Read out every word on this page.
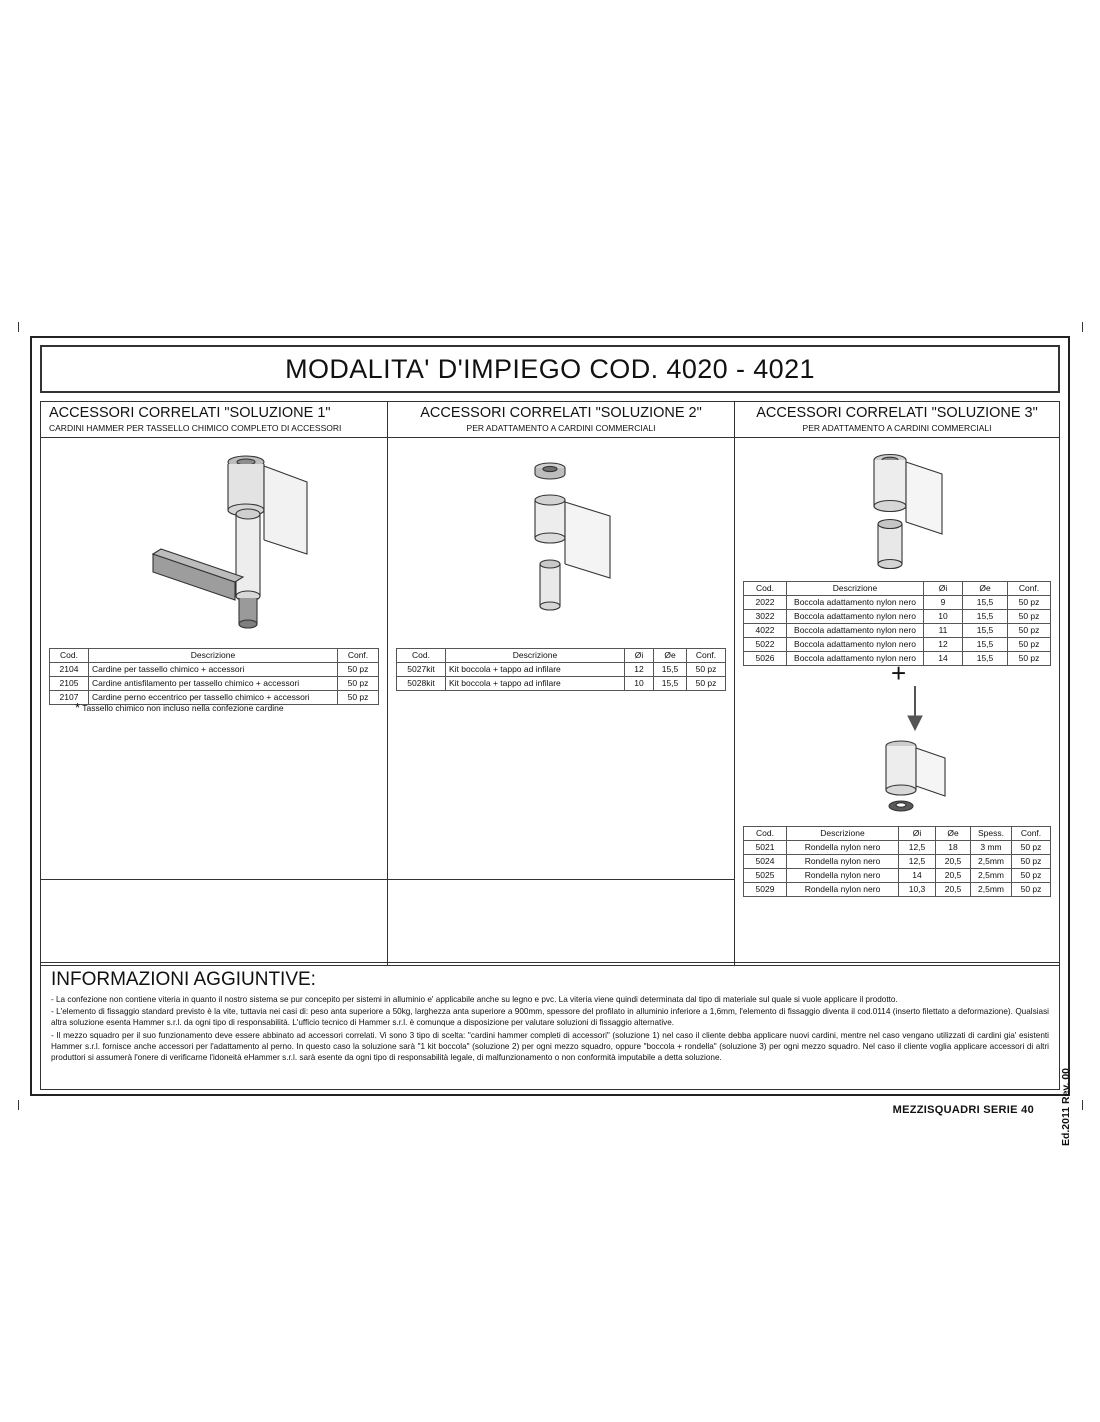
MODALITA' D'IMPIEGO COD. 4020 - 4021
ACCESSORI CORRELATI "SOLUZIONE 1"
CARDINI HAMMER PER TASSELLO CHIMICO COMPLETO DI ACCESSORI
Cod.	Descrizione	Conf.
2104	Cardine per tassello chimico + accessori	50 pz
2105	Cardine antisfilamento per tassello chimico + accessori	50 pz
2107	Cardine perno eccentrico per tassello chimico + accessori	50 pz
* Tassello chimico non incluso nella confezione cardine
ACCESSORI CORRELATI "SOLUZIONE 2"
PER ADATTAMENTO A CARDINI COMMERCIALI
Cod.	Descrizione	Øi	Øe	Conf.
5027kit	Kit boccola + tappo ad infilare	12	15,5	50 pz
5028kit	Kit boccola + tappo ad infilare	10	15,5	50 pz
ACCESSORI CORRELATI "SOLUZIONE 3"
PER ADATTAMENTO A CARDINI COMMERCIALI
Cod.	Descrizione	Øi	Øe	Conf.
2022	Boccola adattamento nylon nero	9	15,5	50 pz
3022	Boccola adattamento nylon nero	10	15,5	50 pz
4022	Boccola adattamento nylon nero	11	15,5	50 pz
5022	Boccola adattamento nylon nero	12	15,5	50 pz
5026	Boccola adattamento nylon nero	14	15,5	50 pz
+
Cod.	Descrizione	Øi	Øe	Spess.	Conf.
5021	Rondella nylon nero	12,5	18	3 mm	50 pz
5024	Rondella nylon nero	12,5	20,5	2,5mm	50 pz
5025	Rondella nylon nero	14	20,5	2,5mm	50 pz
5029	Rondella nylon nero	10,3	20,5	2,5mm	50 pz
INFORMAZIONI AGGIUNTIVE:

- La confezione non contiene viteria in quanto il nostro sistema se pur concepito per sistemi in alluminio e' applicabile anche su legno e pvc. La viteria viene quindi determinata dal tipo di materiale sul quale si vuole applicare il prodotto.

- L'elemento di fissaggio standard previsto è la vite, tuttavia nei casi di: peso anta superiore a 50kg, larghezza anta superiore a 900mm, spessore del profilato in alluminio inferiore a 1,6mm, l'elemento di fissaggio diventa il cod.0114 (inserto filettato a deformazione). Qualsiasi altra soluzione esenta Hammer s.r.l. da ogni tipo di responsabilità. L'ufficio tecnico di Hammer s.r.l. è comunque a disposizione per valutare soluzioni di fissaggio alternative.

- Il mezzo squadro per il suo funzionamento deve essere abbinato ad accessori correlati. Vi sono 3 tipo di scelta: "cardini hammer completi di accessori" (soluzione 1) nel caso il cliente debba applicare nuovi cardini, mentre nel caso vengano utilizzati di cardini gia' esistenti Hammer s.r.l. fornisce anche accessori per l'adattamento al perno. In questo caso la soluzione sarà "1 kit boccola" (soluzione 2) per ogni mezzo squadro, oppure "boccola + rondella" (soluzione 3) per ogni mezzo squadro. Nel caso il cliente voglia applicare accessori di altri produttori si assumerà l'onere di verificarne l'idoneità eHammer s.r.l. sarà esente da ogni tipo di responsabilità legale, di malfunzionamento o non conformità imputabile a detta soluzione.

MEZZISQUADRI SERIE 40 Ed.2011 Rev. 00
